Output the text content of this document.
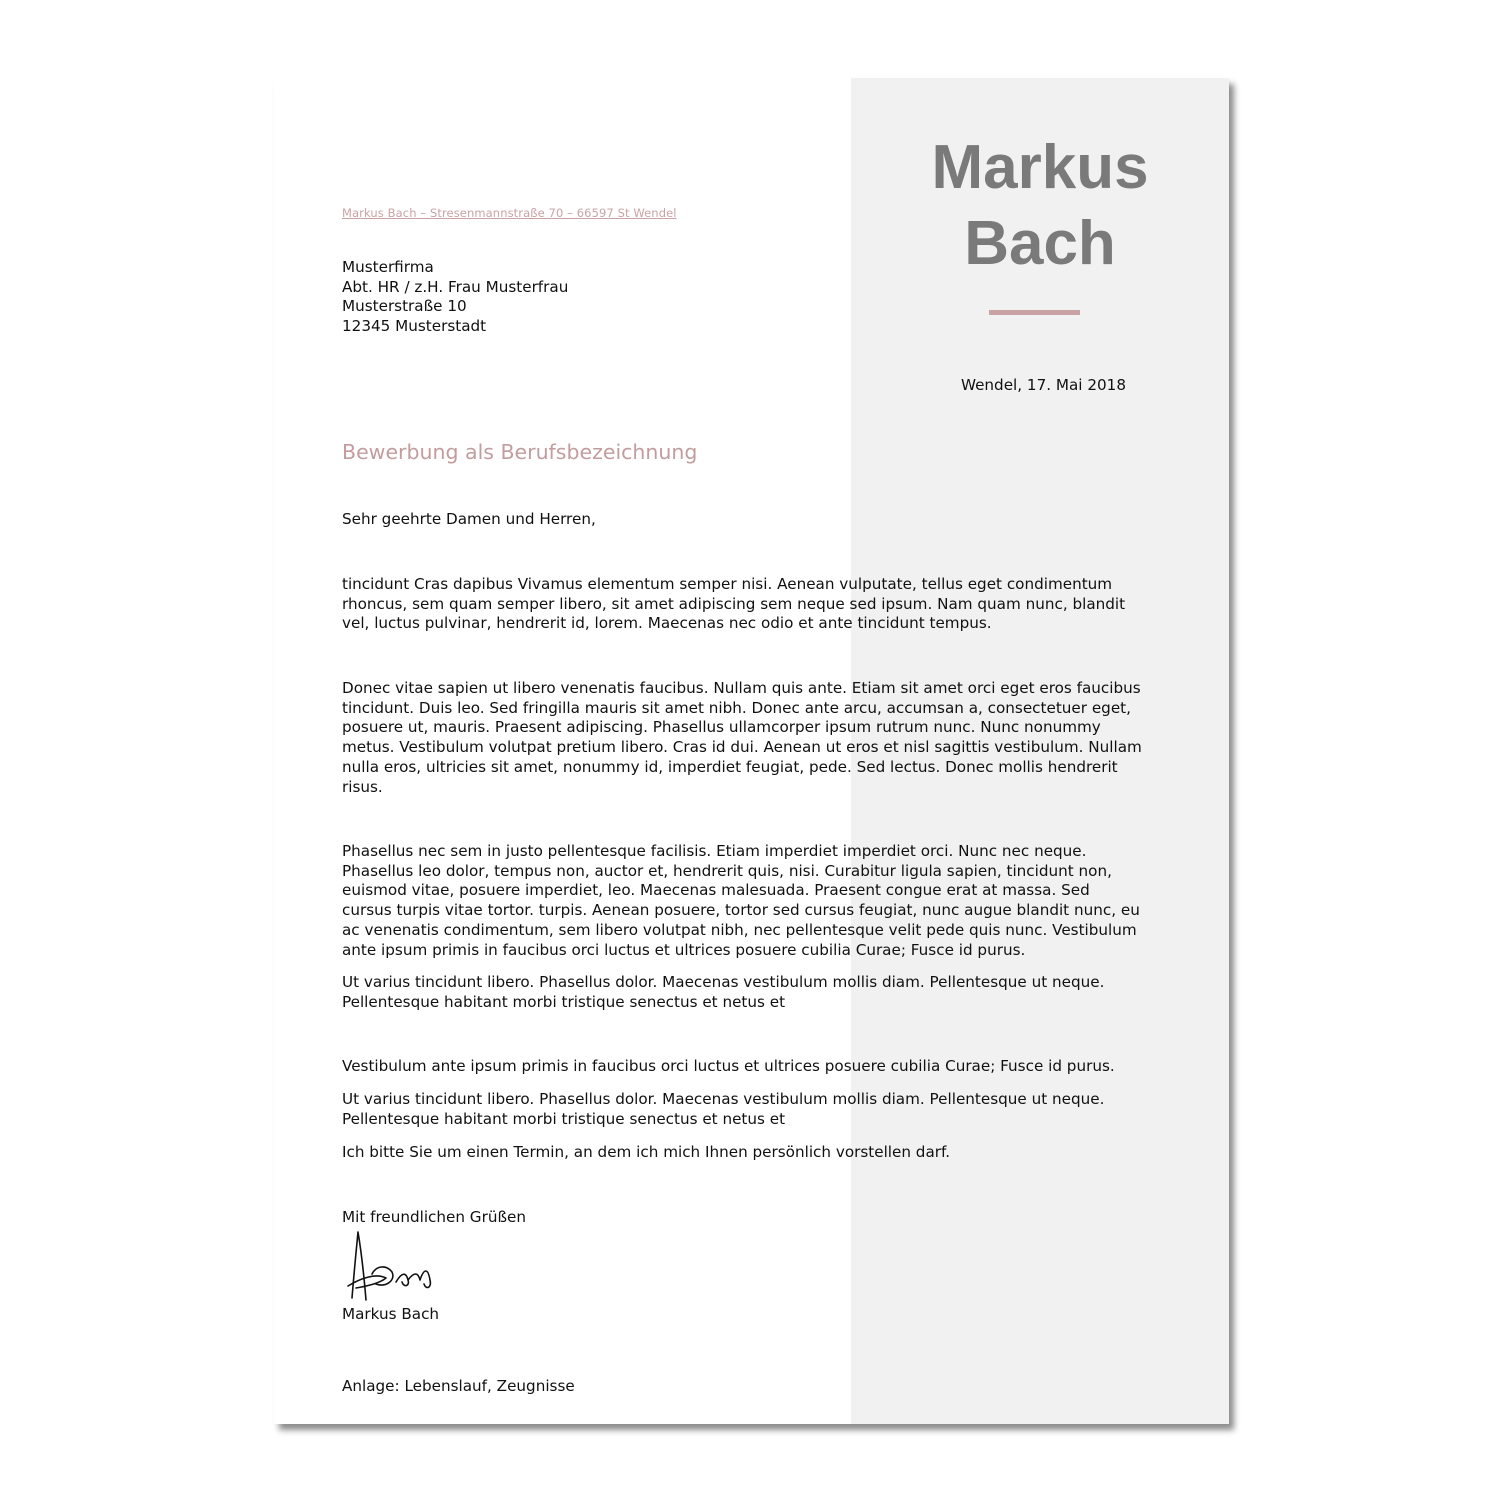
Markus
Bach
Markus Bach – Stresenmannstraße 70 – 66597 St Wendel
Musterfirma
Abt. HR / z.H. Frau Musterfrau
Musterstraße 10
12345 Musterstadt
Wendel, 17. Mai 2018
Bewerbung als Berufsbezeichnung

Sehr geehrte Damen und Herren,

tincidunt Cras dapibus Vivamus elementum semper nisi. Aenean vulputate, tellus eget condimentum rhoncus, sem quam semper libero, sit amet adipiscing sem neque sed ipsum. Nam quam nunc, blandit vel, luctus pulvinar, hendrerit id, lorem. Maecenas nec odio et ante tincidunt tempus.

Donec vitae sapien ut libero venenatis faucibus. Nullam quis ante. Etiam sit amet orci eget eros faucibus tincidunt. Duis leo. Sed fringilla mauris sit amet nibh. Donec ante arcu, accumsan a, consectetuer eget, posuere ut, mauris. Praesent adipiscing. Phasellus ullamcorper ipsum rutrum nunc. Nunc nonummy metus. Vestibulum volutpat pretium libero. Cras id dui. Aenean ut eros et nisl sagittis vestibulum. Nullam nulla eros, ultricies sit amet, nonummy id, imperdiet feugiat, pede. Sed lectus. Donec mollis hendrerit risus.

Phasellus nec sem in justo pellentesque facilisis. Etiam imperdiet imperdiet orci. Nunc nec neque. Phasellus leo dolor, tempus non, auctor et, hendrerit quis, nisi. Curabitur ligula sapien, tincidunt non, euismod vitae, posuere imperdiet, leo. Maecenas malesuada. Praesent congue erat at massa. Sed cursus turpis vitae tortor. turpis. Aenean posuere, tortor sed cursus feugiat, nunc augue blandit nunc, eu ac venenatis condimentum, sem libero volutpat nibh, nec pellentesque velit pede quis nunc. Vestibulum ante ipsum primis in faucibus orci luctus et ultrices posuere cubilia Curae; Fusce id purus.

Ut varius tincidunt libero. Phasellus dolor. Maecenas vestibulum mollis diam. Pellentesque ut neque. Pellentesque habitant morbi tristique senectus et netus et

Vestibulum ante ipsum primis in faucibus orci luctus et ultrices posuere cubilia Curae; Fusce id purus.

Ut varius tincidunt libero. Phasellus dolor. Maecenas vestibulum mollis diam. Pellentesque ut neque. Pellentesque habitant morbi tristique senectus et netus et

Ich bitte Sie um einen Termin, an dem ich mich Ihnen persönlich vorstellen darf.

Mit freundlichen Grüßen

Markus Bach

Anlage: Lebenslauf, Zeugnisse
